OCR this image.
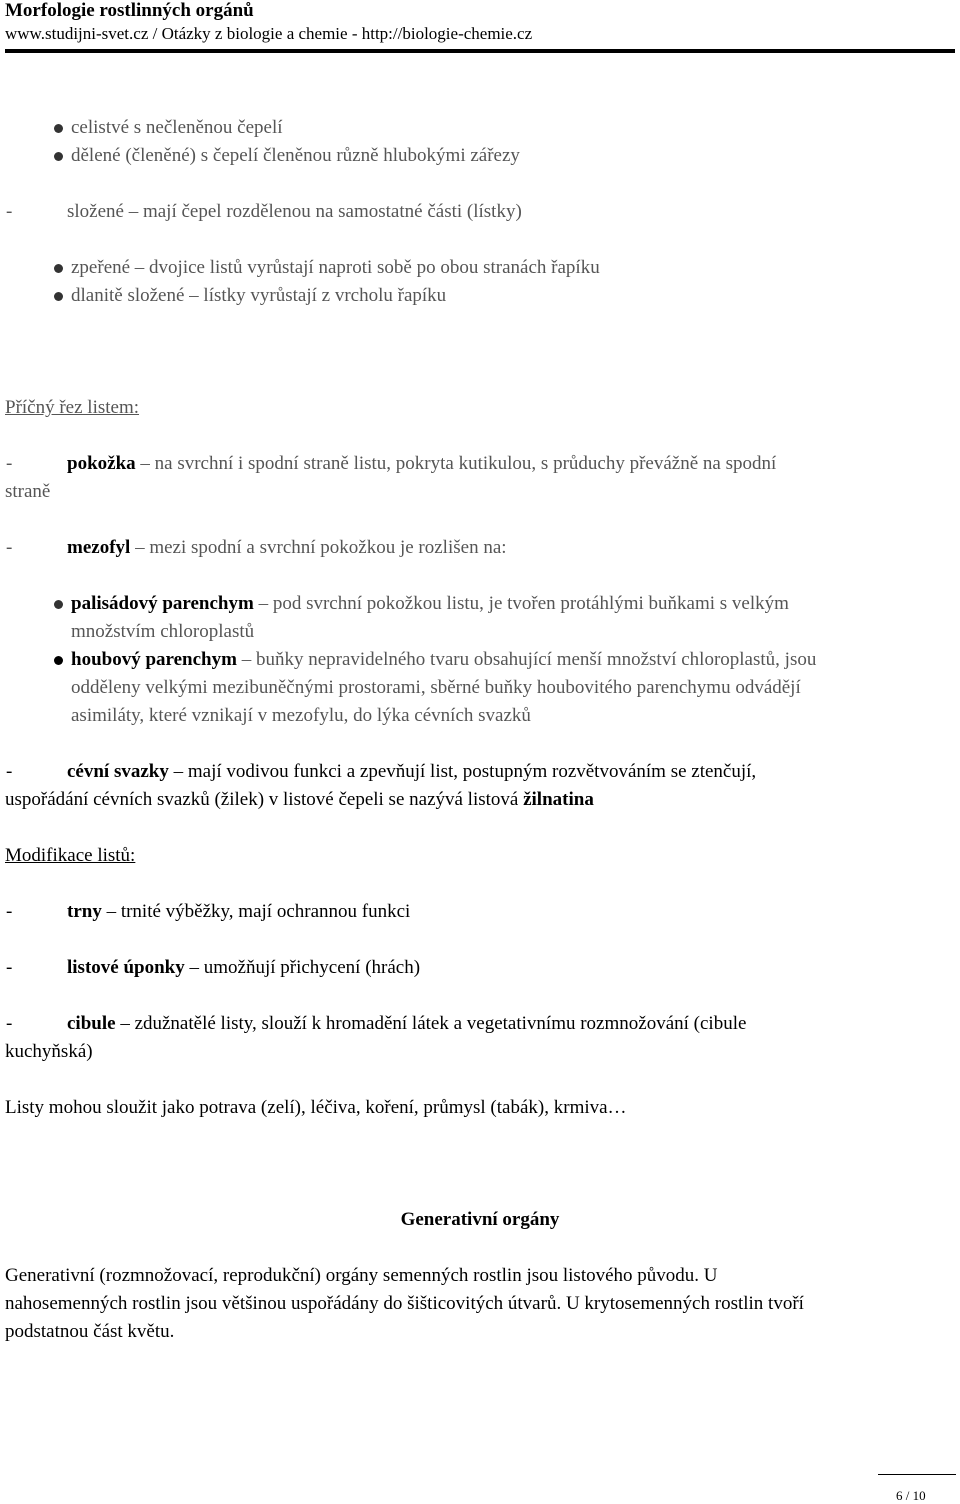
Morfologie rostlinných orgánů
www.studijni-svet.cz / Otázky z biologie a chemie - http://biologie-chemie.cz
celistvé s nečleněnou čepelí
dělené (členěné) s čepelí členěnou různě hlubokými zářezy
-	složené – mají čepel rozdělenou na samostatné části (lístky)
zpeřené – dvojice listů vyrůstají naproti sobě po obou stranách řapíku
dlanitě složené – lístky vyrůstají z vrcholu řapíku
Příčný řez listem:
-	pokožka – na svrchní i spodní straně listu, pokryta kutikulou, s průduchy převážně na spodní
straně
-	mezofyl – mezi spodní a svrchní pokožkou je rozlišen na:
palisádový parenchym – pod svrchní pokožkou listu, je tvořen protáhlými buňkami s velkým
množstvím chloroplastů
houbový parenchym – buňky nepravidelného tvaru obsahující menší množství chloroplastů, jsou
odděleny velkými mezibuněčnými prostorami, sběrné buňky houbovitého parenchymu odvádějí
asimiláty, které vznikají v mezofylu, do lýka cévních svazků
-	cévní svazky – mají vodivou funkci a zpevňují list, postupným rozvětvováním se ztenčují,
uspořádání cévních svazků (žilek) v listové čepeli se nazývá listová žilnatina
Modifikace listů:
-	trny – trnité výběžky, mají ochrannou funkci
-	listové úponky – umožňují přichycení (hrách)
-	cibule – zdužnatělé listy, slouží k hromadění látek a vegetativnímu rozmnožování (cibule
kuchyňská)
Listy mohou sloužit jako potrava (zelí), léčiva, koření, průmysl (tabák), krmiva…
Generativní orgány
Generativní (rozmnožovací, reprodukční) orgány semenných rostlin jsou listového původu. U
nahosemenných rostlin jsou většinou uspořádány do šišticovitých útvarů. U krytosemenných rostlin tvoří
podstatnou část květu.
6 / 10
